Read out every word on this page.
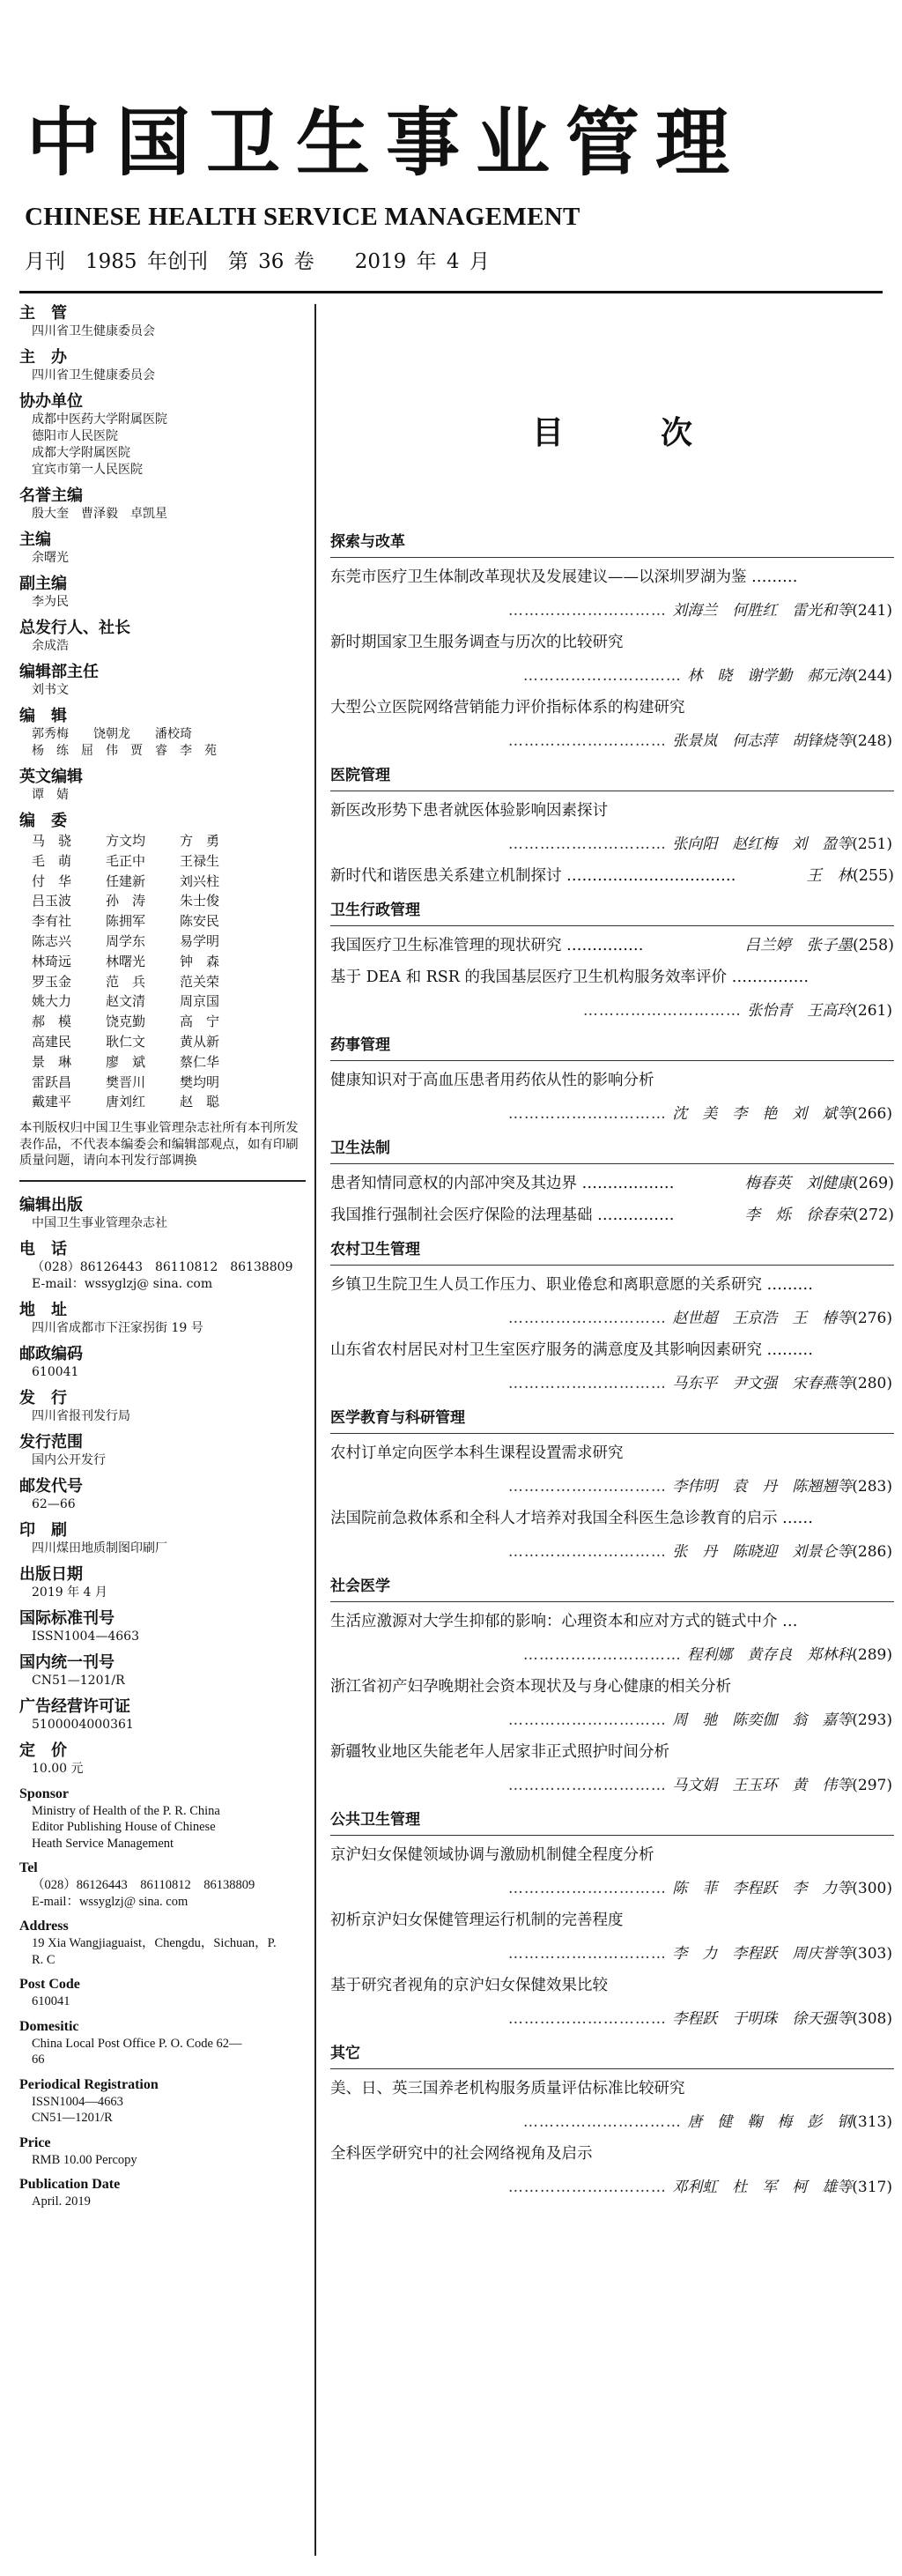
中国卫生事业管理
CHINESE HEALTH SERVICE MANAGEMENT
月刊　1985 年创刊　第 36 卷　　2019 年 4 月
主　管
四川省卫生健康委员会
主　办
四川省卫生健康委员会
协办单位
成都中医药大学附属医院
德阳市人民医院
成都大学附属医院
宜宾市第一人民医院
名誉主编
殷大奎　曹泽毅　卓凯星
主编
余曙光
副主编
李为民
总发行人、社长
余成浩
编辑部主任
刘书文
编　辑
郭秀梅　　饶朝龙　　潘校琦
杨　练　屈　伟　贾　睿　李　苑
英文编辑
谭　婧
编　委
马　骁	方文均	方　勇
毛　萌	毛正中	王禄生
付　华	任建新	刘兴柱
吕玉波	孙　涛	朱士俊
李有社	陈拥军	陈安民
陈志兴	周学东	易学明
林琦远	林曙光	钟　森
罗玉金	范　兵	范关荣
姚大力	赵文清	周京国
郝　模	饶克勤	高　宁
高建民	耿仁文	黄从新
景　琳	廖　斌	蔡仁华
雷跃昌	樊晋川	樊均明
戴建平	唐刘红	赵　聪
本刊版权归中国卫生事业管理杂志社所有本刊所发表作品，不代表本编委会和编辑部观点，如有印刷质量问题，请向本刊发行部调换
编辑出版
中国卫生事业管理杂志社
电　话
（028）86126443　86110812　86138809
E-mail：wssyglzj@ sina. com
地　址
四川省成都市下汪家拐街 19 号
邮政编码
610041
发　行
四川省报刊发行局
发行范围
国内公开发行
邮发代号
62—66
印　刷
四川煤田地质制图印刷厂
出版日期
2019 年 4 月
国际标准刊号
ISSN1004—4663
国内统一刊号
CN51—1201/R
广告经营许可证
5100004000361
定　价
10.00 元
Sponsor
Ministry of Health of the P. R. China
Editor Publishing House of Chinese
Heath Service Management
Tel
（028）86126443　86110812　86138809
E-mail：wssyglzj@ sina. com
Address
19 Xia Wangjiaguaist，Chengdu，Sichuan，P.
R. C
Post Code
610041
Domesitic
China Local Post Office P. O. Code 62—
66
Periodical Registration
ISSN1004—4663
CN51—1201/R
Price
RMB 10.00 Percopy
Publication Date
April. 2019
目次
探索与改革
东莞市医疗卫生体制改革现状及发展建议——以深圳罗湖为鉴 ………
………………………… 刘海兰　何胜红　雷光和等(241)
新时期国家卫生服务调查与历次的比较研究
………………………… 林　晓　谢学勤　郝元涛(244)
大型公立医院网络营销能力评价指标体系的构建研究
………………………… 张景岚　何志萍　胡锋烧等(248)
医院管理
新医改形势下患者就医体验影响因素探讨
………………………… 张向阳　赵红梅　刘　盈等(251)
新时代和谐医患关系建立机制探讨 ……………………………	王　林(255)
卫生行政管理
我国医疗卫生标准管理的现状研究 ……………	吕兰婷　张子墨(258)
基于 DEA 和 RSR 的我国基层医疗卫生机构服务效率评价 ……………
………………………… 张怡青　王高玲(261)
药事管理
健康知识对于高血压患者用药依从性的影响分析
………………………… 沈　美　李　艳　刘　斌等(266)
卫生法制
患者知情同意权的内部冲突及其边界 ………………	梅春英　刘健康(269)
我国推行强制社会医疗保险的法理基础 ……………	李　烁　徐春荣(272)
农村卫生管理
乡镇卫生院卫生人员工作压力、职业倦怠和离职意愿的关系研究 ………
………………………… 赵世超　王京浩　王　椿等(276)
山东省农村居民对村卫生室医疗服务的满意度及其影响因素研究 ………
………………………… 马东平　尹文强　宋春燕等(280)
医学教育与科研管理
农村订单定向医学本科生课程设置需求研究
………………………… 李伟明　袁　丹　陈翘翘等(283)
法国院前急救体系和全科人才培养对我国全科医生急诊教育的启示 ……
………………………… 张　丹　陈晓迎　刘景仑等(286)
社会医学
生活应激源对大学生抑郁的影响：心理资本和应对方式的链式中介 …
………………………… 程利娜　黄存良　郑林科(289)
浙江省初产妇孕晚期社会资本现状及与身心健康的相关分析
………………………… 周　驰　陈奕伽　翁　嘉等(293)
新疆牧业地区失能老年人居家非正式照护时间分析
………………………… 马文娟　王玉环　黄　伟等(297)
公共卫生管理
京沪妇女保健领域协调与激励机制健全程度分析
………………………… 陈　菲　李程跃　李　力等(300)
初析京沪妇女保健管理运行机制的完善程度
………………………… 李　力　李程跃　周庆誉等(303)
基于研究者视角的京沪妇女保健效果比较
………………………… 李程跃　于明珠　徐天强等(308)
其它
美、日、英三国养老机构服务质量评估标准比较研究
………………………… 唐　健　鞠　梅　彭　钢(313)
全科医学研究中的社会网络视角及启示
………………………… 邓利虹　杜　军　柯　雄等(317)
